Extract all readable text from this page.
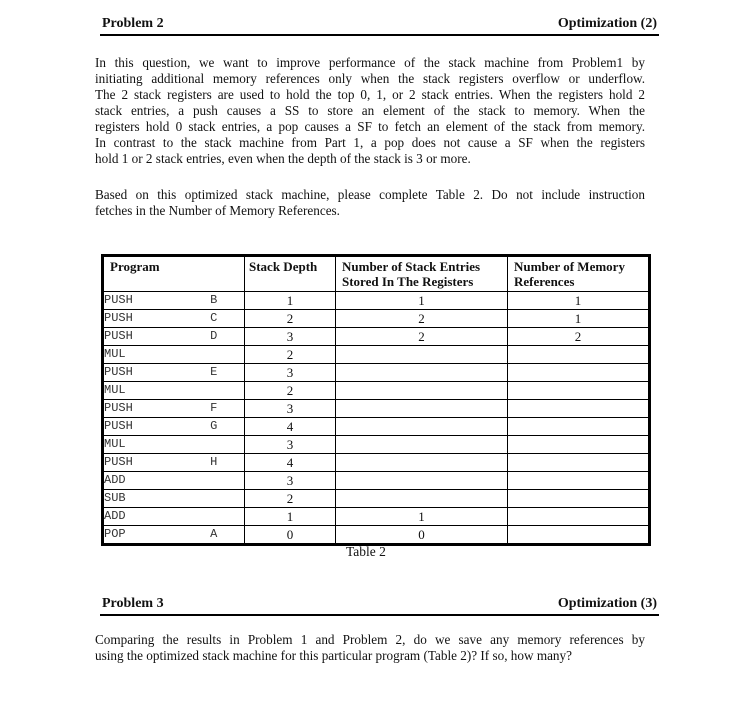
Problem 2	Optimization (2)
In this question, we want to improve performance of the stack machine from Problem1 by
initiating additional memory references only when the stack registers overflow or underflow.
The 2 stack registers are used to hold the top 0, 1, or 2 stack entries. When the registers hold 2
stack entries, a push causes a SS to store an element of the stack to memory. When the
registers hold 0 stack entries, a pop causes a SF to fetch an element of the stack from memory.
In contrast to the stack machine from Part 1, a pop does not cause a SF when the registers
hold 1 or 2 stack entries, even when the depth of the stack is 3 or more.
Based on this optimized stack machine, please complete Table 2. Do not include instruction
fetches in the Number of Memory References.
Program		Stack Depth	Number of Stack Entries
Stored In The Registers	Number of Memory
References
PUSH	B	1	1	1
PUSH	C	2	2	1
PUSH	D	3	2	2
MUL		2		
PUSH	E	3		
MUL		2		
PUSH	F	3		
PUSH	G	4		
MUL		3		
PUSH	H	4		
ADD		3		
SUB		2		
ADD		1	1	
POP	A	0	0	
Table 2
Problem 3	Optimization (3)
Comparing the results in Problem 1 and Problem 2, do we save any memory references by
using the optimized stack machine for this particular program (Table 2)? If so, how many?
